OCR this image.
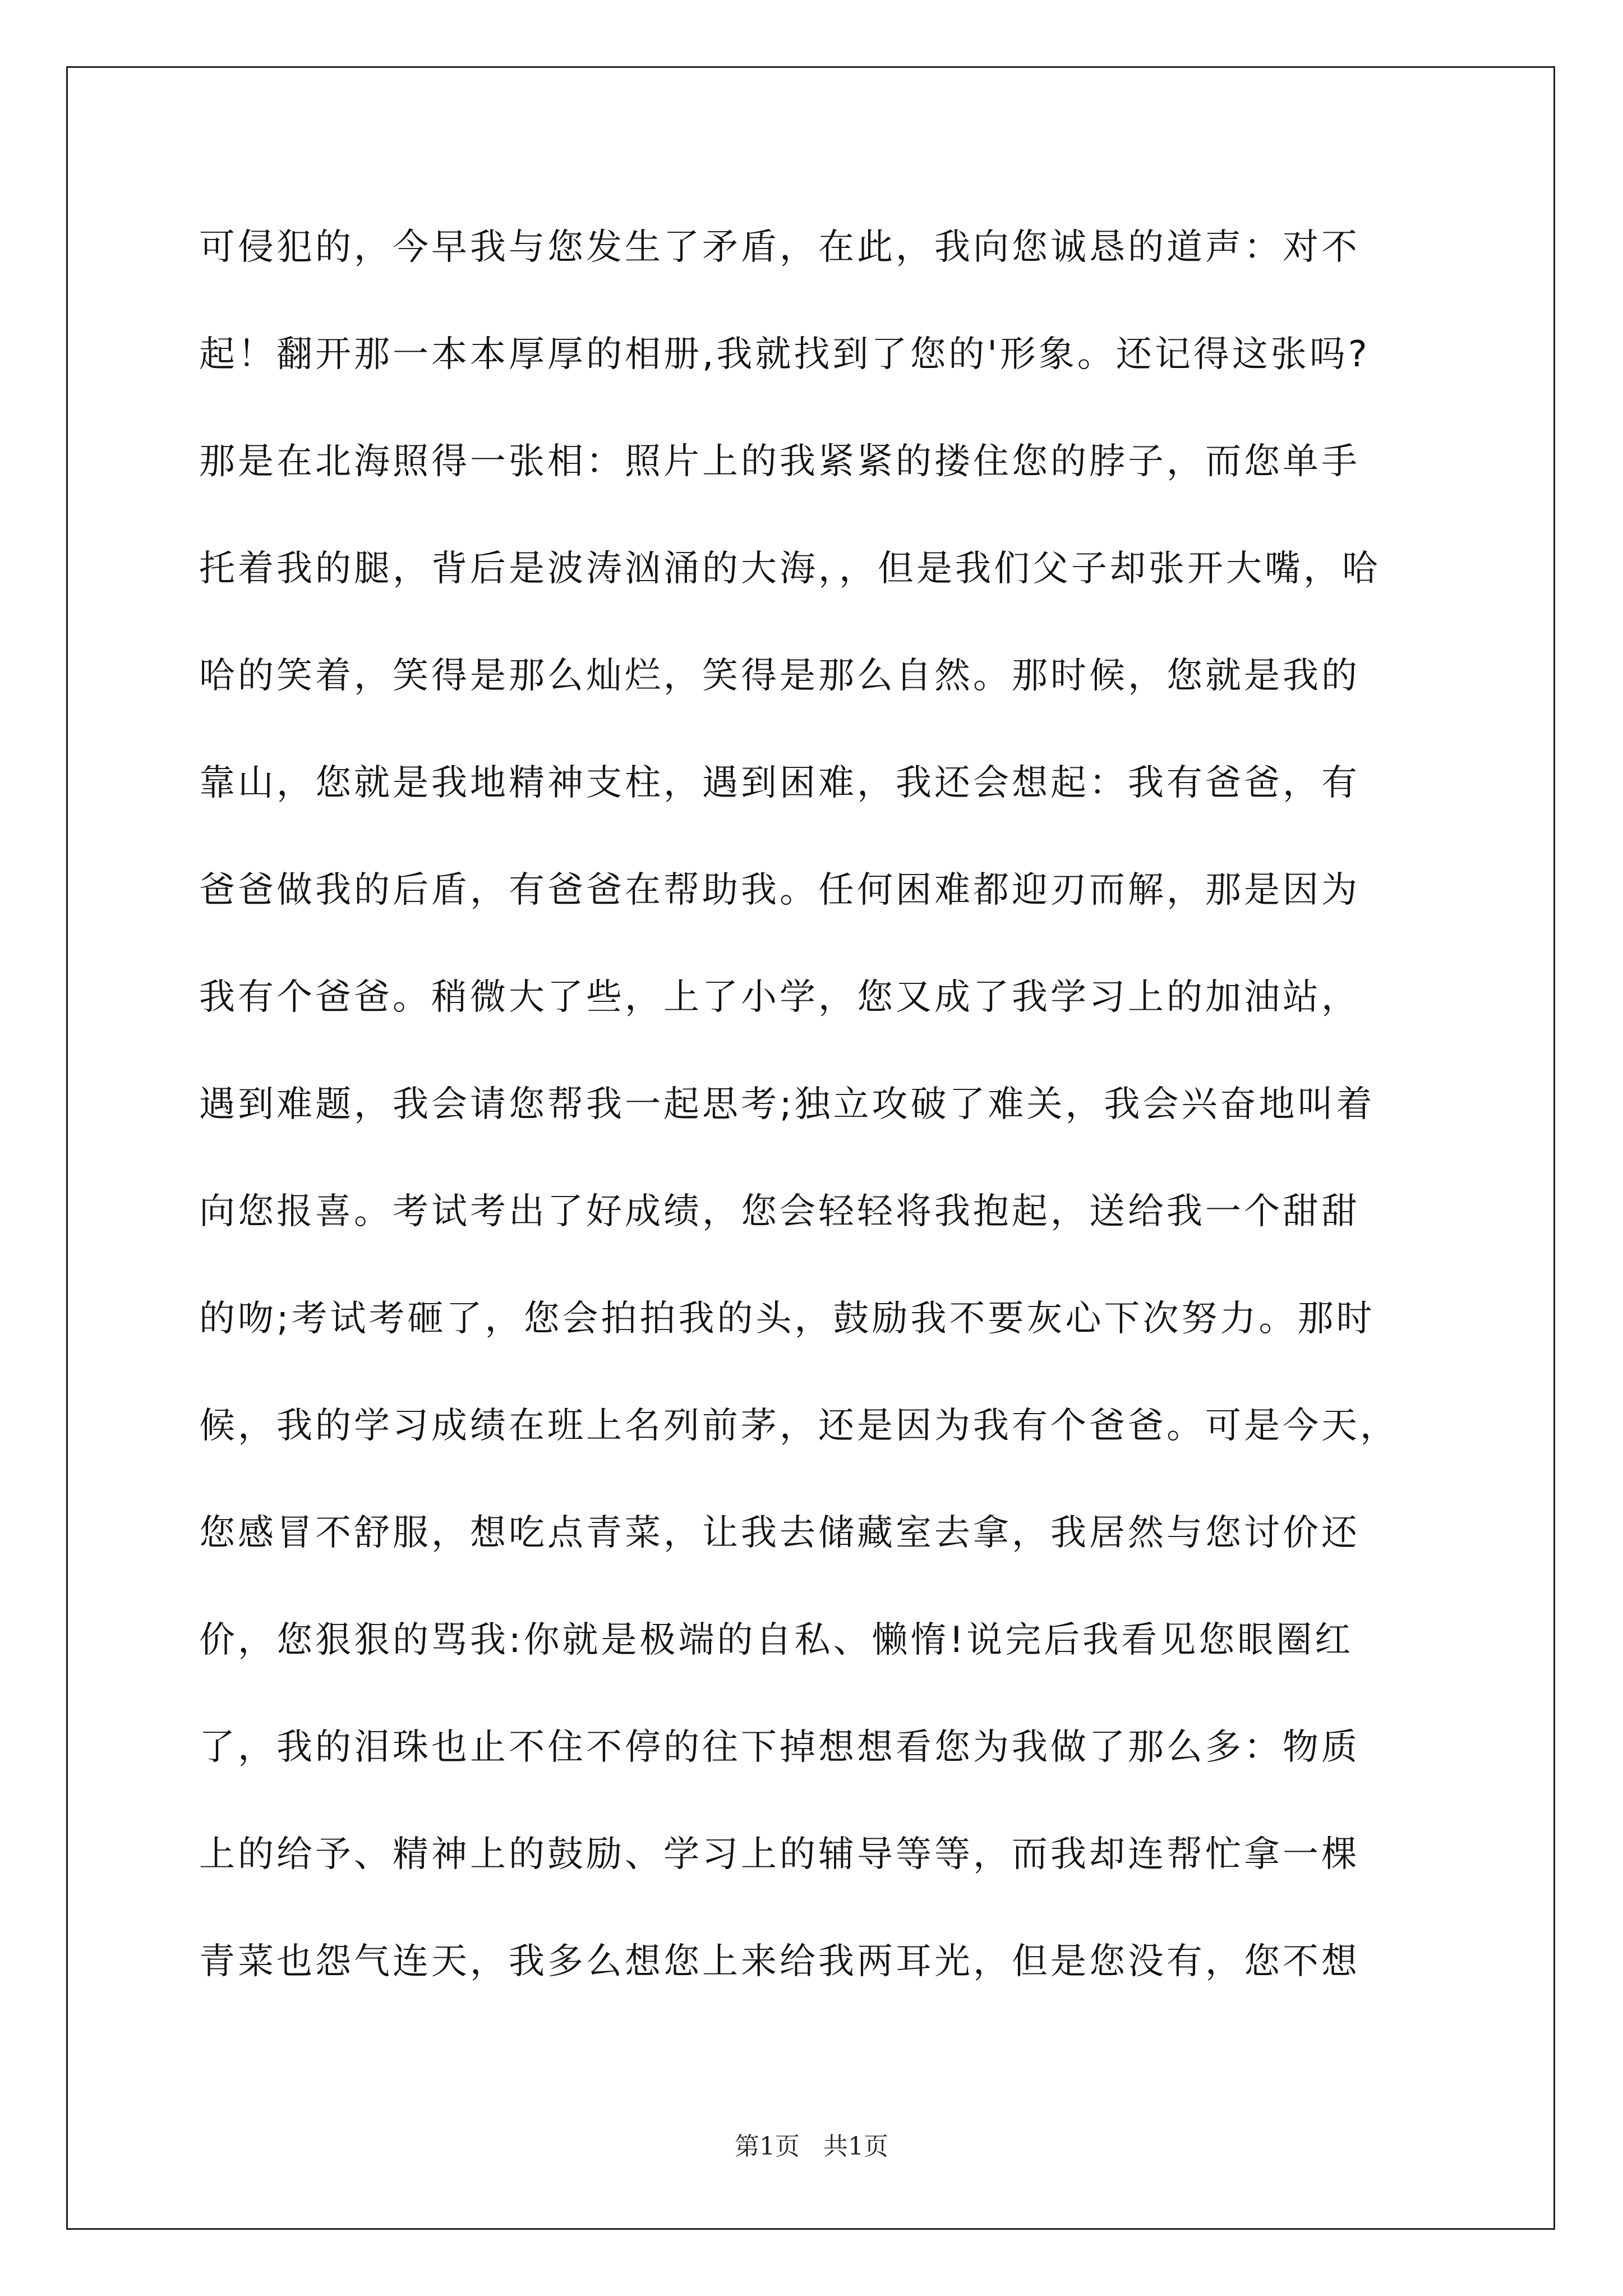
可侵犯的，今早我与您发生了矛盾，在此，我向您诚恳的道声：对不
起！翻开那一本本厚厚的相册,我就找到了您的'形象。还记得这张吗?
那是在北海照得一张相：照片上的我紧紧的搂住您的脖子，而您单手
托着我的腿，背后是波涛汹涌的大海，，但是我们父子却张开大嘴，哈
哈的笑着，笑得是那么灿烂，笑得是那么自然。那时候，您就是我的
靠山，您就是我地精神支柱，遇到困难，我还会想起：我有爸爸，有
爸爸做我的后盾，有爸爸在帮助我。任何困难都迎刃而解，那是因为
我有个爸爸。稍微大了些，上了小学，您又成了我学习上的加油站，
遇到难题，我会请您帮我一起思考;独立攻破了难关，我会兴奋地叫着
向您报喜。考试考出了好成绩，您会轻轻将我抱起，送给我一个甜甜
的吻;考试考砸了，您会拍拍我的头，鼓励我不要灰心下次努力。那时
候，我的学习成绩在班上名列前茅，还是因为我有个爸爸。可是今天，
您感冒不舒服，想吃点青菜，让我去储藏室去拿，我居然与您讨价还
价，您狠狠的骂我:你就是极端的自私、懒惰!说完后我看见您眼圈红
了，我的泪珠也止不住不停的往下掉想想看您为我做了那么多：物质
上的给予、精神上的鼓励、学习上的辅导等等，而我却连帮忙拿一棵
青菜也怨气连天，我多么想您上来给我两耳光，但是您没有，您不想
第1页   共1页
